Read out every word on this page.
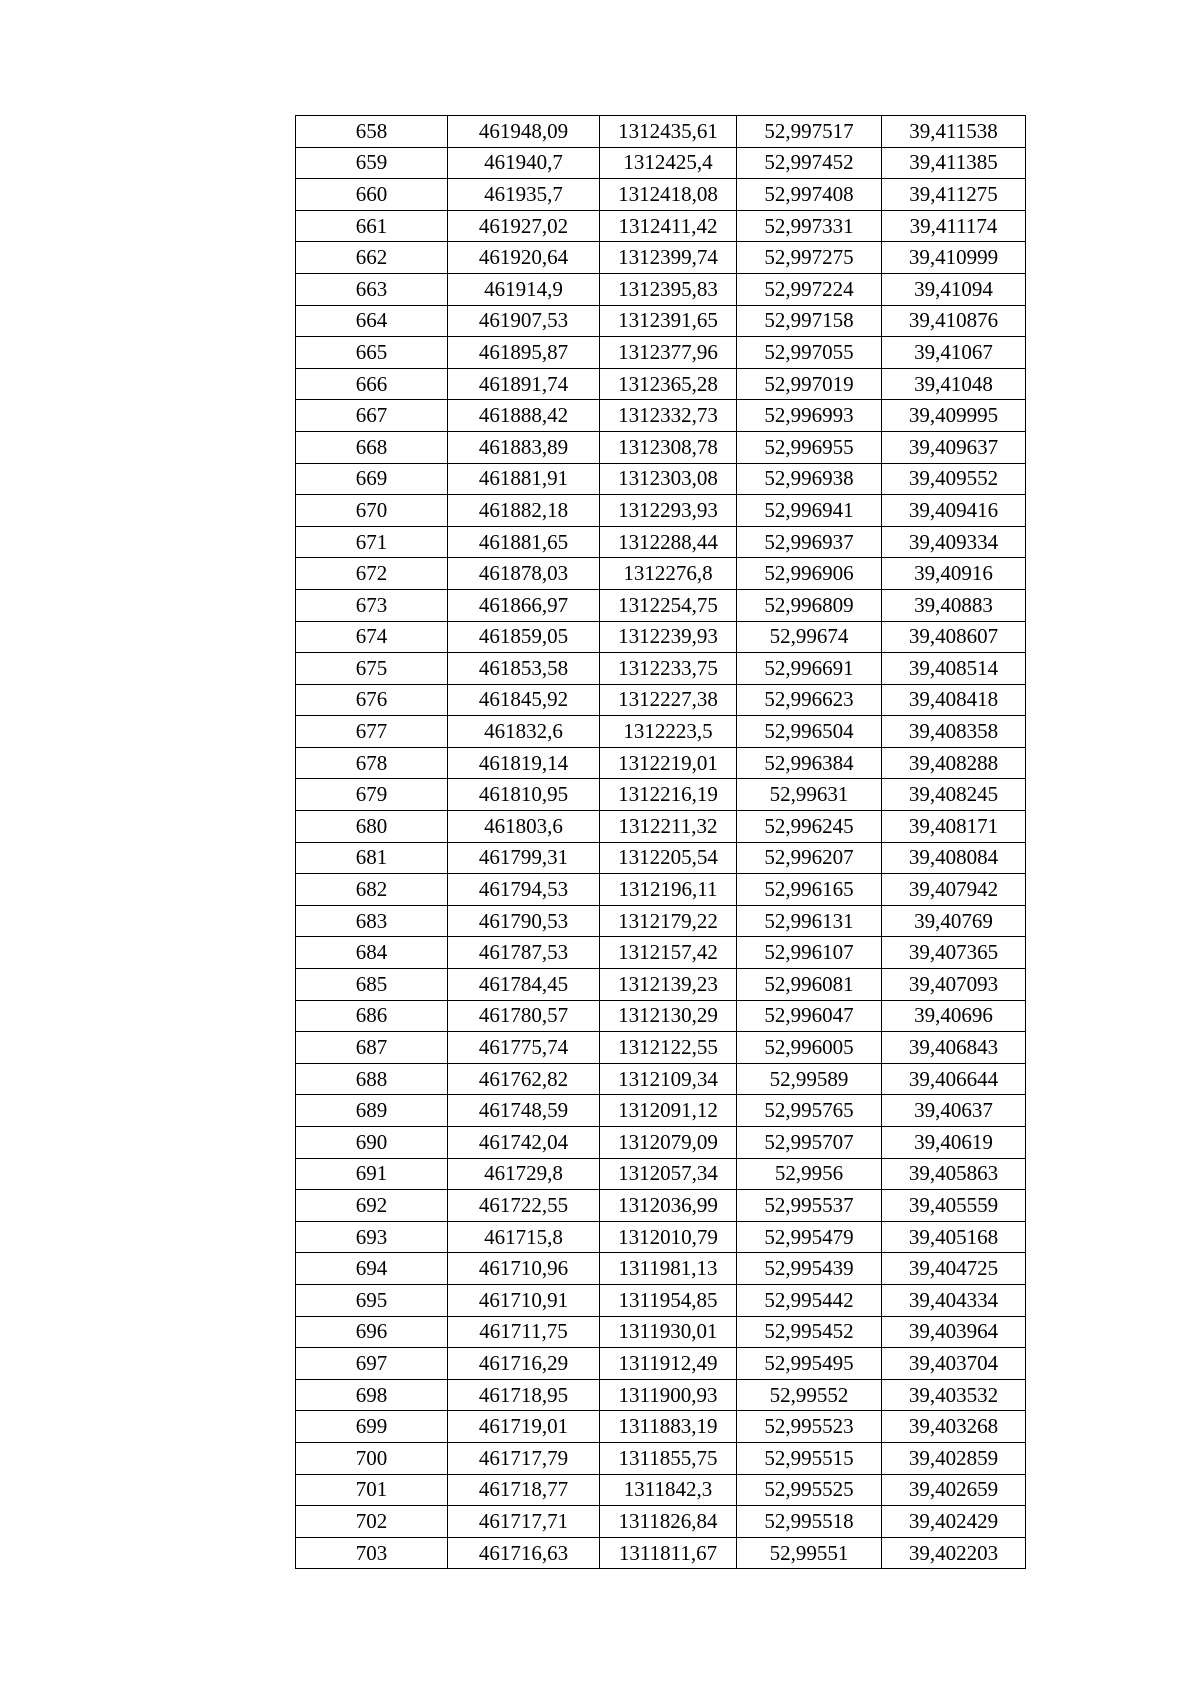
658	461948,09	1312435,61	52,997517	39,411538
659	461940,7	1312425,4	52,997452	39,411385
660	461935,7	1312418,08	52,997408	39,411275
661	461927,02	1312411,42	52,997331	39,411174
662	461920,64	1312399,74	52,997275	39,410999
663	461914,9	1312395,83	52,997224	39,41094
664	461907,53	1312391,65	52,997158	39,410876
665	461895,87	1312377,96	52,997055	39,41067
666	461891,74	1312365,28	52,997019	39,41048
667	461888,42	1312332,73	52,996993	39,409995
668	461883,89	1312308,78	52,996955	39,409637
669	461881,91	1312303,08	52,996938	39,409552
670	461882,18	1312293,93	52,996941	39,409416
671	461881,65	1312288,44	52,996937	39,409334
672	461878,03	1312276,8	52,996906	39,40916
673	461866,97	1312254,75	52,996809	39,40883
674	461859,05	1312239,93	52,99674	39,408607
675	461853,58	1312233,75	52,996691	39,408514
676	461845,92	1312227,38	52,996623	39,408418
677	461832,6	1312223,5	52,996504	39,408358
678	461819,14	1312219,01	52,996384	39,408288
679	461810,95	1312216,19	52,99631	39,408245
680	461803,6	1312211,32	52,996245	39,408171
681	461799,31	1312205,54	52,996207	39,408084
682	461794,53	1312196,11	52,996165	39,407942
683	461790,53	1312179,22	52,996131	39,40769
684	461787,53	1312157,42	52,996107	39,407365
685	461784,45	1312139,23	52,996081	39,407093
686	461780,57	1312130,29	52,996047	39,40696
687	461775,74	1312122,55	52,996005	39,406843
688	461762,82	1312109,34	52,99589	39,406644
689	461748,59	1312091,12	52,995765	39,40637
690	461742,04	1312079,09	52,995707	39,40619
691	461729,8	1312057,34	52,9956	39,405863
692	461722,55	1312036,99	52,995537	39,405559
693	461715,8	1312010,79	52,995479	39,405168
694	461710,96	1311981,13	52,995439	39,404725
695	461710,91	1311954,85	52,995442	39,404334
696	461711,75	1311930,01	52,995452	39,403964
697	461716,29	1311912,49	52,995495	39,403704
698	461718,95	1311900,93	52,99552	39,403532
699	461719,01	1311883,19	52,995523	39,403268
700	461717,79	1311855,75	52,995515	39,402859
701	461718,77	1311842,3	52,995525	39,402659
702	461717,71	1311826,84	52,995518	39,402429
703	461716,63	1311811,67	52,99551	39,402203
